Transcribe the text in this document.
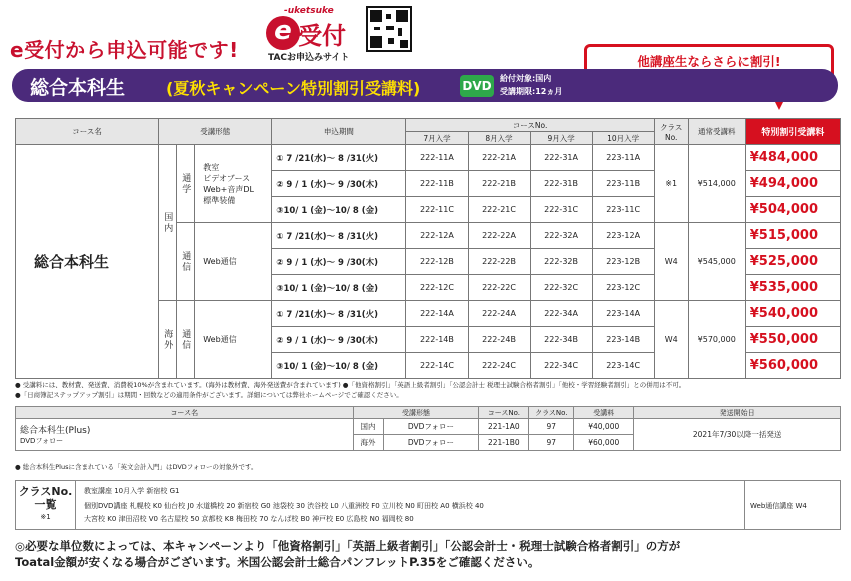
e受付から申込可能です!
-uketsuke
e 受付
TACお申込みサイト	他講座生ならさらに割引!
総合本科生	(夏秋キャンペーン特別割引受講料)	DVD
給付対象:国内
受講期限:12ヵ月
コース名	受講形態			申込期間	コースNo.				クラス No.	通常受講料	特別割引受講料
					7月入学	8月入学	9月入学	10月入学			
総合本科生	国内	通学	教室
ビデオブース
Web+音声DL
標準装備	① 7 /21(水)～ 8 /31(火)	222-11A	222-21A	222-31A	223-11A	※1	¥514,000	¥484,000
				② 9 / 1 (水)～ 9 /30(木)	222-11B	222-21B	222-31B	223-11B			¥494,000
				③10/ 1 (金)～10/ 8 (金)	222-11C	222-21C	222-31C	223-11C			¥504,000
		通信	Web通信	① 7 /21(水)～ 8 /31(火)	222-12A	222-22A	222-32A	223-12A	W4	¥545,000	¥515,000
				② 9 / 1 (水)～ 9 /30(木)	222-12B	222-22B	222-32B	223-12B			¥525,000
				③10/ 1 (金)～10/ 8 (金)	222-12C	222-22C	222-32C	223-12C			¥535,000
	海外	通信	Web通信	① 7 /21(水)～ 8 /31(火)	222-14A	222-24A	222-34A	223-14A	W4	¥570,000	¥540,000
				② 9 / 1 (水)～ 9 /30(木)	222-14B	222-24B	222-34B	223-14B			¥550,000
				③10/ 1 (金)～10/ 8 (金)	222-14C	222-24C	222-34C	223-14C			¥560,000
● 受講料には、教材費、発送費、消費税10%が含まれています。(海外は教材費、海外発送費が含まれています) ●「他資格割引」「英語上級者割引」「公認会計士 税理士試験合格者割引」「他校・学習経験者割引」との併用は不可。
●「日商簿記ステップアップ割引」は期間・回数などの適用条件がございます。詳細については弊社ホームページでご確認ください。
コース名	受講形態		コースNo.	クラスNo.	受講料	発送開始日

総合本科生(Plus)
DVDフォロー	国内	DVDフォロー	221-1A0	97	¥40,000	2021年7/30以降一括発送
	海外	DVDフォロー	221-1B0	97	¥60,000	
● 総合本科生Plusに含まれている「英文会計入門」はDVDフォローの対象外です。
クラスNo.
一覧
※1
教室講座 10月入学 新宿校 G1
個別DVD講座 札幌校 K0 仙台校 J0 水道橋校 20 新宿校 G0 池袋校 30 渋谷校 L0 八重洲校 F0 立川校 N0 町田校 A0 横浜校 40
大宮校 K0 津田沼校 V0 名古屋校 50 京都校 K8 梅田校 70 なんば校 B0 神戸校 E0 広島校 N0 福岡校 80
Web通信講座 W4
◎必要な単位数によっては、本キャンペーンより「他資格割引」「英語上級者割引」「公認会計士・税理士試験合格者割引」の方が
Toatal金額が安くなる場合がございます。米国公認会計士総合パンフレットP.35をご確認ください。
